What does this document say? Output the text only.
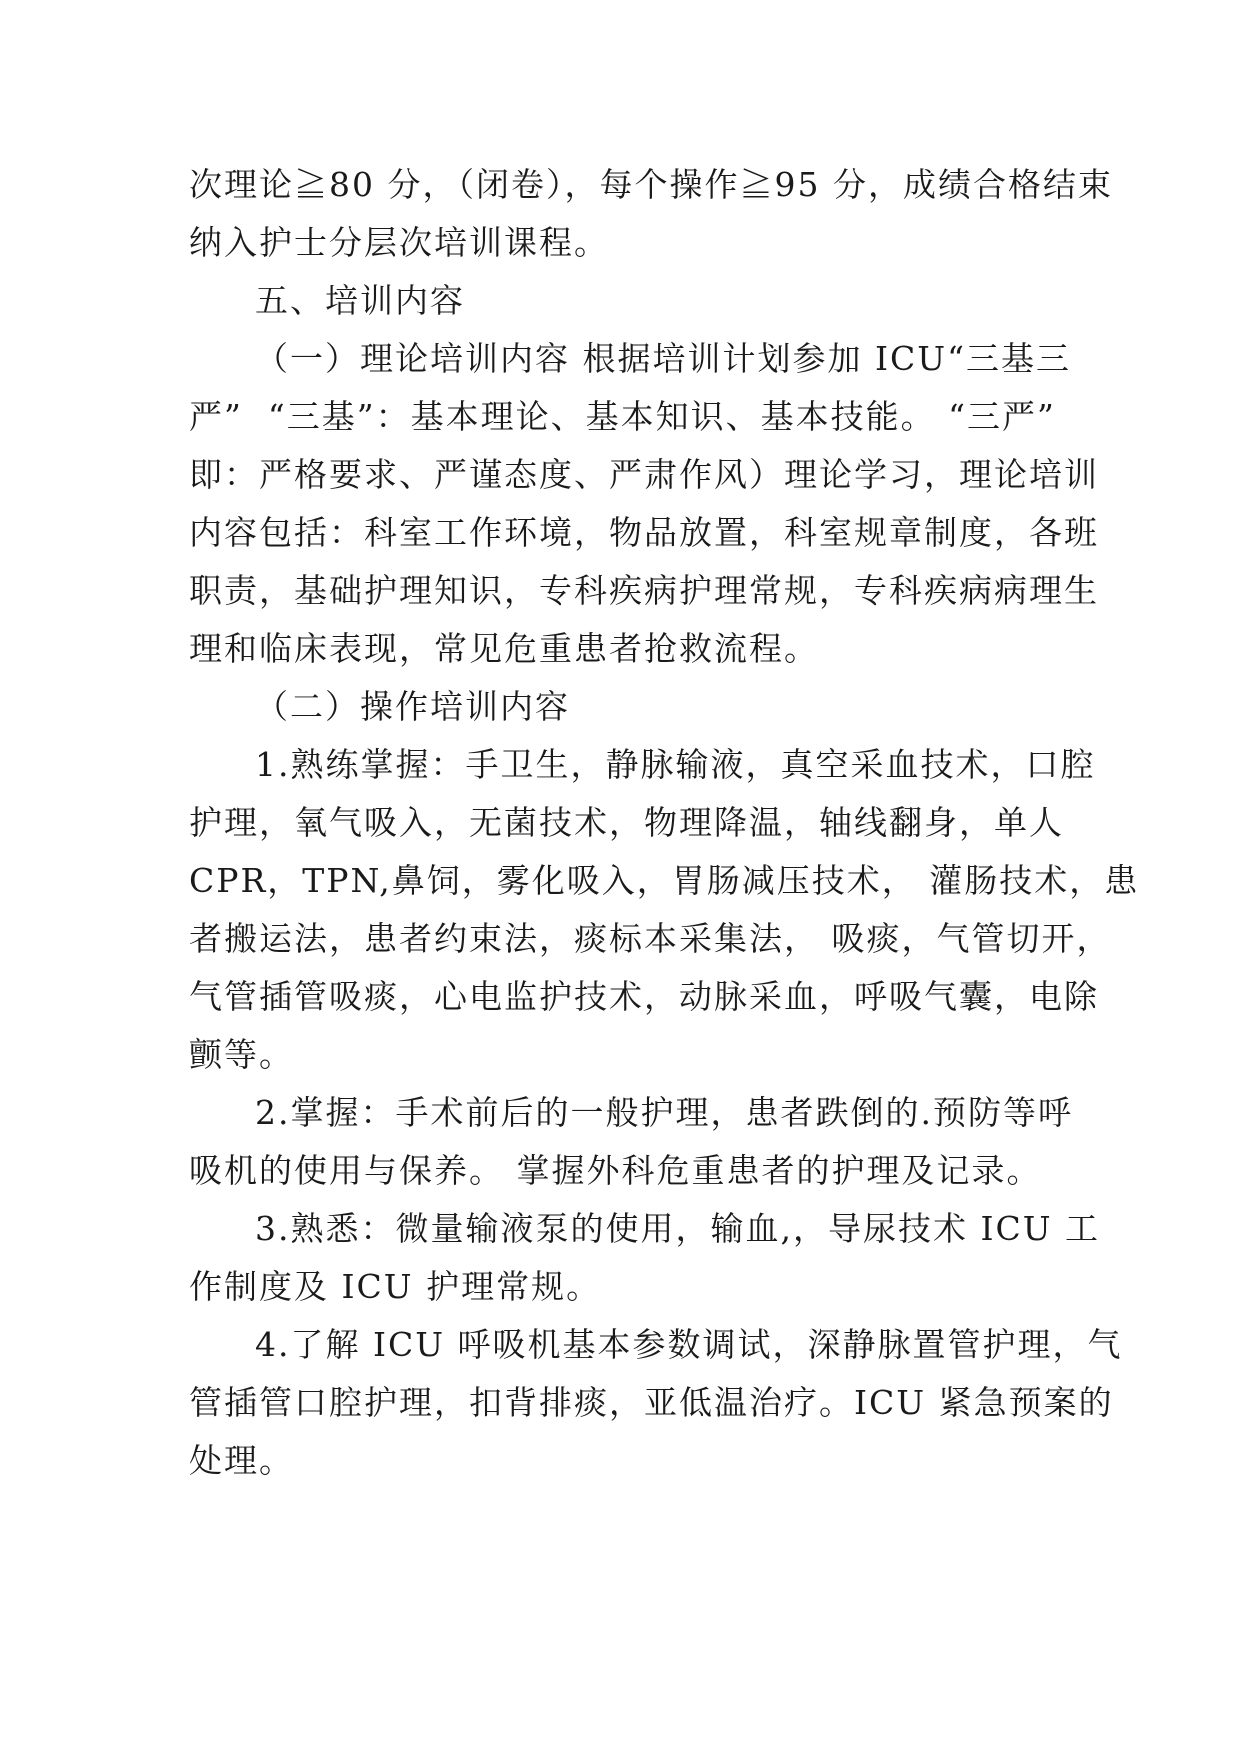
次理论≧80 分，（闭卷），每个操作≧95 分，成绩合格结束
纳入护士分层次培训课程。
五、培训内容
（一）理论培训内容 根据培训计划参加 ICU“三基三
严”  “三基”：基本理论、基本知识、基本技能。 “三严”
即：严格要求、严谨态度、严肃作风）理论学习，理论培训
内容包括：科室工作环境，物品放置，科室规章制度，各班
职责，基础护理知识，专科疾病护理常规，专科疾病病理生
理和临床表现，常见危重患者抢救流程。
（二）操作培训内容
1.熟练掌握：手卫生，静脉输液，真空采血技术，口腔
护理，氧气吸入，无菌技术，物理降温，轴线翻身，单人
CPR，TPN,鼻饲，雾化吸入，胃肠减压技术， 灌肠技术，患
者搬运法，患者约束法，痰标本采集法， 吸痰，气管切开，
气管插管吸痰，心电监护技术，动脉采血，呼吸气囊，电除
颤等。
2.掌握：手术前后的一般护理，患者跌倒的.预防等呼
吸机的使用与保养。 掌握外科危重患者的护理及记录。
3.熟悉：微量输液泵的使用，输血,，导尿技术 ICU 工
作制度及 ICU 护理常规。
4.了解 ICU 呼吸机基本参数调试，深静脉置管护理，气
管插管口腔护理，扣背排痰，亚低温治疗。ICU 紧急预案的
处理。
